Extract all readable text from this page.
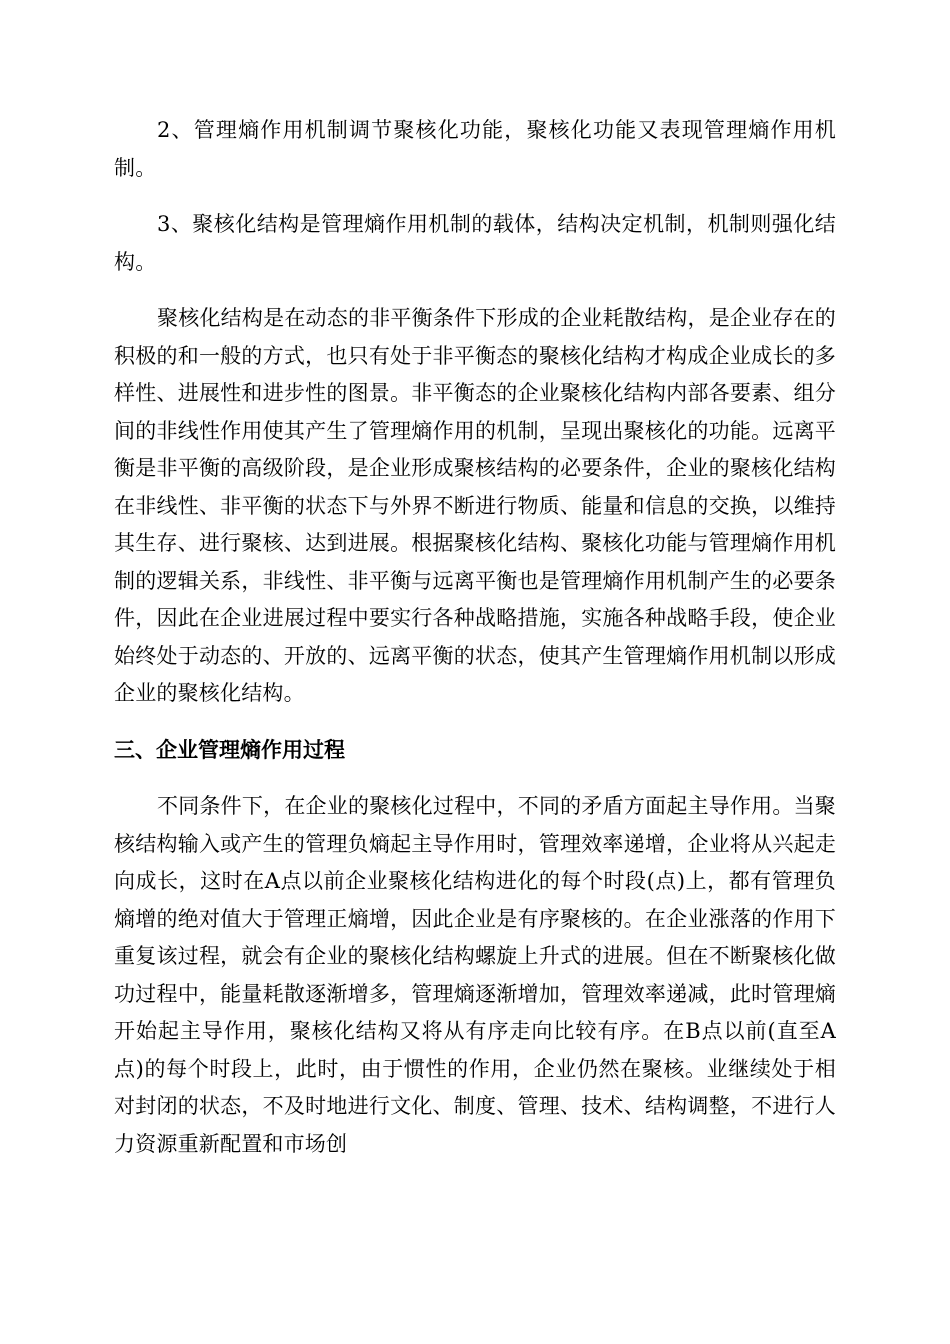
2、管理熵作用机制调节聚核化功能，聚核化功能又表现管理熵作用机制。

3、聚核化结构是管理熵作用机制的载体，结构决定机制，机制则强化结构。

聚核化结构是在动态的非平衡条件下形成的企业耗散结构，是企业存在的积极的和一般的方式，也只有处于非平衡态的聚核化结构才构成企业成长的多样性、进展性和进步性的图景。非平衡态的企业聚核化结构内部各要素、组分间的非线性作用使其产生了管理熵作用的机制，呈现出聚核化的功能。远离平衡是非平衡的高级阶段，是企业形成聚核结构的必要条件，企业的聚核化结构在非线性、非平衡的状态下与外界不断进行物质、能量和信息的交换，以维持其生存、进行聚核、达到进展。根据聚核化结构、聚核化功能与管理熵作用机制的逻辑关系，非线性、非平衡与远离平衡也是管理熵作用机制产生的必要条件，因此在企业进展过程中要实行各种战略措施，实施各种战略手段，使企业始终处于动态的、开放的、远离平衡的状态，使其产生管理熵作用机制以形成企业的聚核化结构。

三、企业管理熵作用过程

不同条件下，在企业的聚核化过程中，不同的矛盾方面起主导作用。当聚核结构输入或产生的管理负熵起主导作用时，管理效率递增，企业将从兴起走向成长，这时在A点以前企业聚核化结构进化的每个时段(点)上，都有管理负熵增的绝对值大于管理正熵增，因此企业是有序聚核的。在企业涨落的作用下重复该过程，就会有企业的聚核化结构螺旋上升式的进展。但在不断聚核化做功过程中，能量耗散逐渐增多，管理熵逐渐增加，管理效率递减，此时管理熵开始起主导作用，聚核化结构又将从有序走向比较有序。在B点以前(直至A点)的每个时段上，此时，由于惯性的作用，企业仍然在聚核。业继续处于相对封闭的状态，不及时地进行文化、制度、管理、技术、结构调整，不进行人力资源重新配置和市场创
